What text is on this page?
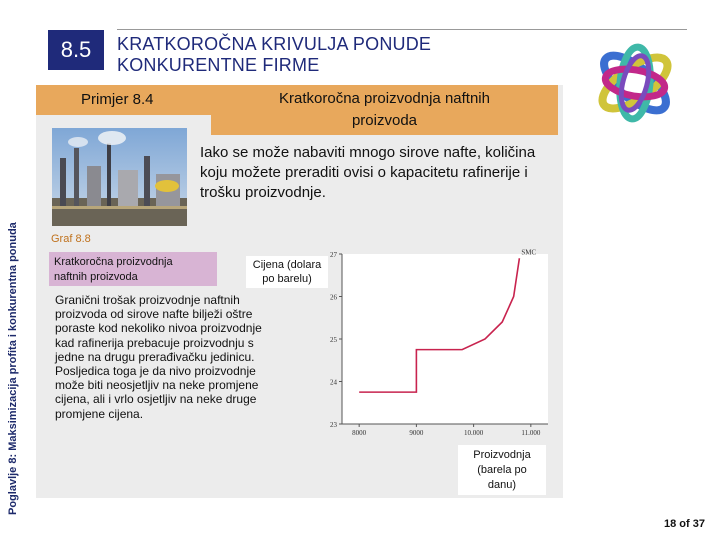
Poglavlje 8: Maksimizacija profita i konkurentna ponuda
8.5	KRATKOROČNA KRIVULJA PONUDE
KONKURENTNE FIRME
Primjer 8.4	Kratkoročna proizvodnja naftnih
proizvoda
Iako se može nabaviti mnogo sirove nafte, količina koju možete preraditi ovisi o kapacitetu rafinerije i trošku proizvodnje.
Graf 8.8
Kratkoročna proizvodnja
naftnih proizvoda
Cijena (dolara
po barelu)
Granični trošak proizvodnje naftnih proizvoda od sirove nafte bilježi oštre poraste kod nekoliko nivoa proizvodnje kad rafinerija prebacuje proizvodnju s jedne na drugu prerađivačku jedinicu. Posljedica toga je da nivo proizvodnje može biti neosjetljiv na neke promjene cijena, ali i vrlo osjetljiv na neke druge promjene cijena.
23
24
25
26
27
8000	9000	10.000	11.000
SMC
Proizvodnja
(barela po
danu)
18 of 37
